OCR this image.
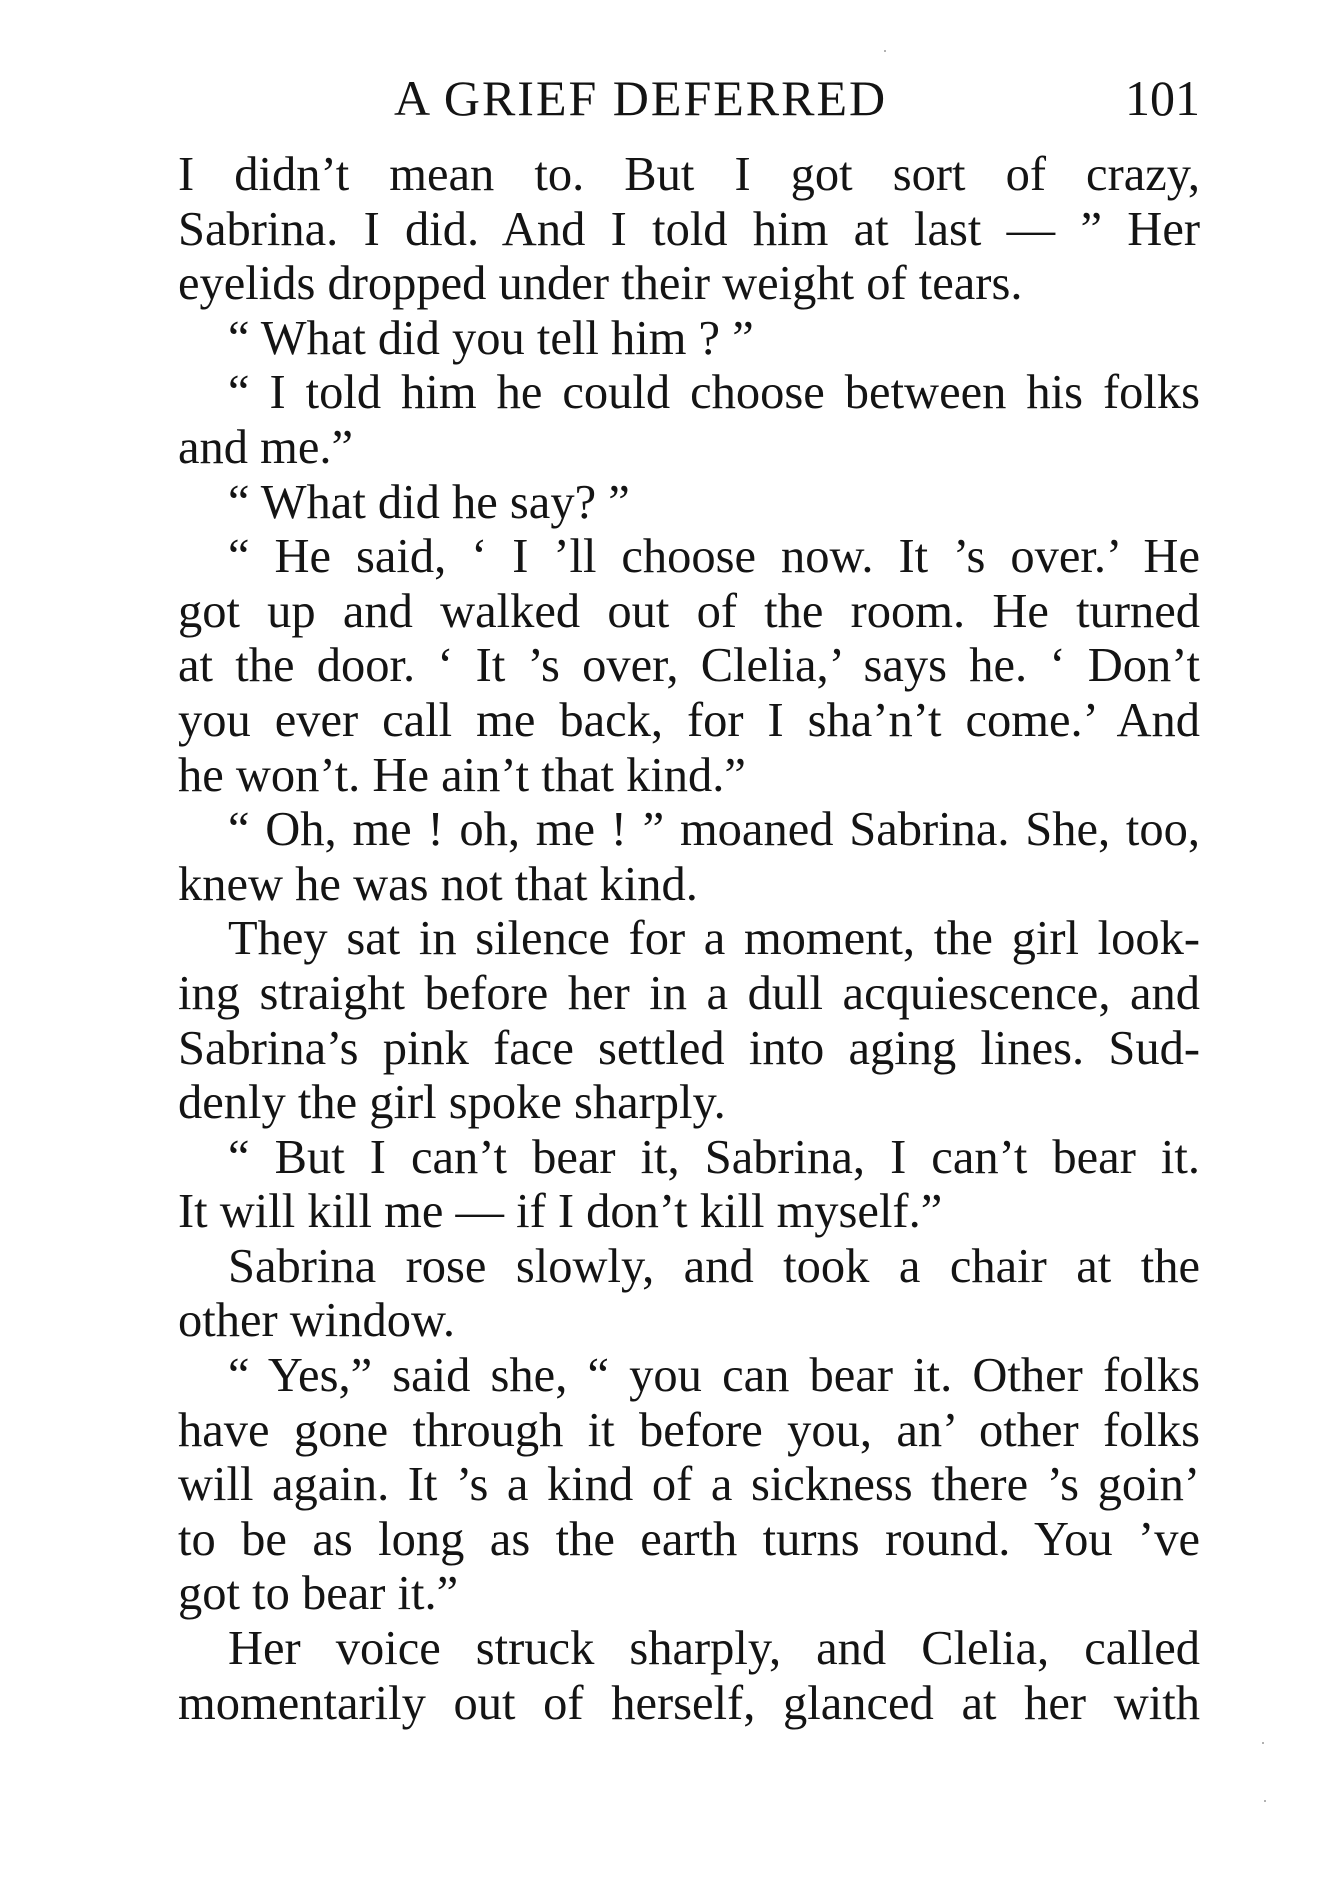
A GRIEF DEFERRED	101
I didn’t mean to. But I got sort of crazy,
Sabrina. I did. And I told him at last — ” Her
eyelids dropped under their weight of tears.
“ What did you tell him ? ”
“ I told him he could choose between his folks
and me.”
“ What did he say? ”
“ He said, ‘ I ’ll choose now. It ’s over.’ He
got up and walked out of the room. He turned
at the door. ‘ It ’s over, Clelia,’ says he. ‘ Don’t
you ever call me back, for I sha’n’t come.’ And
he won’t. He ain’t that kind.”
“ Oh, me ! oh, me ! ” moaned Sabrina. She, too,
knew he was not that kind.
They sat in silence for a moment, the girl look-
ing straight before her in a dull acquiescence, and
Sabrina’s pink face settled into aging lines. Sud-
denly the girl spoke sharply.
“ But I can’t bear it, Sabrina, I can’t bear it.
It will kill me — if I don’t kill myself.”
Sabrina rose slowly, and took a chair at the
other window.
“ Yes,” said she, “ you can bear it. Other folks
have gone through it before you, an’ other folks
will again. It ’s a kind of a sickness there ’s goin’
to be as long as the earth turns round. You ’ve
got to bear it.”
Her voice struck sharply, and Clelia, called
momentarily out of herself, glanced at her with
